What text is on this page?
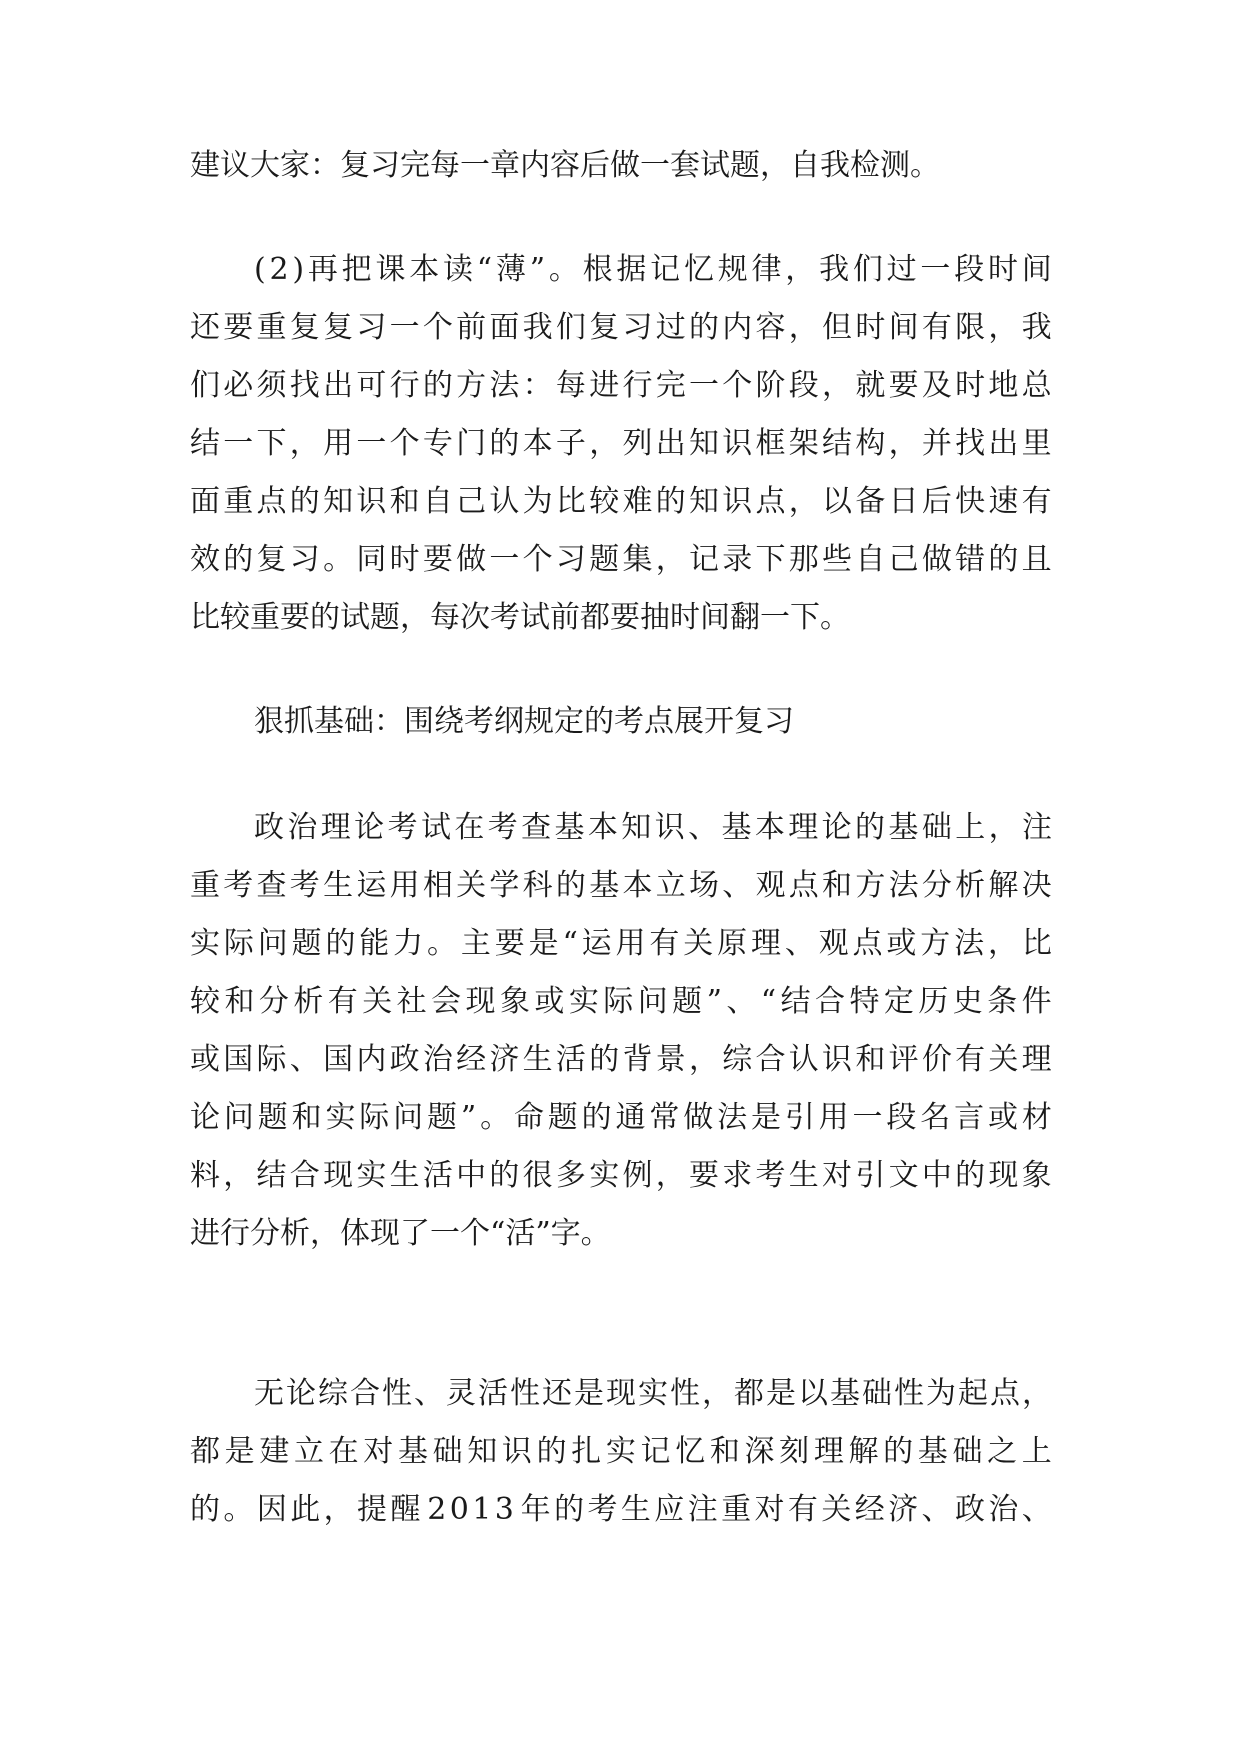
建议大家：复习完每一章内容后做一套试题，自我检测。
( 2 ) 再 把 课 本 读 “ 薄 ” 。 根 据 记 忆 规 律 ， 我 们 过 一 段 时 间
还 要 重 复 复 习 一 个 前 面 我 们 复 习 过 的 内 容 ， 但 时 间 有 限 ， 我
们 必 须 找 出 可 行 的 方 法 ： 每 进 行 完 一 个 阶 段 ， 就 要 及 时 地 总
结 一 下 ， 用 一 个 专 门 的 本 子 ， 列 出 知 识 框 架 结 构 ， 并 找 出 里
面 重 点 的 知 识 和 自 己 认 为 比 较 难 的 知 识 点 ， 以 备 日 后 快 速 有
效 的 复 习 。 同 时 要 做 一 个 习 题 集 ， 记 录 下 那 些 自 己 做 错 的 且
比较重要的试题，每次考试前都要抽时间翻一下。
狠抓基础：围绕考纲规定的考点展开复习
政 治 理 论 考 试 在 考 查 基 本 知 识 、 基 本 理 论 的 基 础 上 ， 注
重 考 查 考 生 运 用 相 关 学 科 的 基 本 立 场 、 观 点 和 方 法 分 析 解 决
实 际 问 题 的 能 力 。 主 要 是 “ 运 用 有 关 原 理 、 观 点 或 方 法 ， 比
较 和 分 析 有 关 社 会 现 象 或 实 际 问 题 ” 、 “ 结 合 特 定 历 史 条 件
或 国 际 、 国 内 政 治 经 济 生 活 的 背 景 ， 综 合 认 识 和 评 价 有 关 理
论 问 题 和 实 际 问 题 ” 。 命 题 的 通 常 做 法 是 引 用 一 段 名 言 或 材
料 ， 结 合 现 实 生 活 中 的 很 多 实 例 ， 要 求 考 生 对 引 文 中 的 现 象
进行分析，体现了一个“活”字。
无 论 综 合 性 、 灵 活 性 还 是 现 实 性 ， 都 是 以 基 础 性 为 起 点 ，
都 是 建 立 在 对 基 础 知 识 的 扎 实 记 忆 和 深 刻 理 解 的 基 础 之 上
的 。 因 此 ， 提 醒 2 0 1 3 年 的 考 生 应 注 重 对 有 关 经 济 、 政 治 、
